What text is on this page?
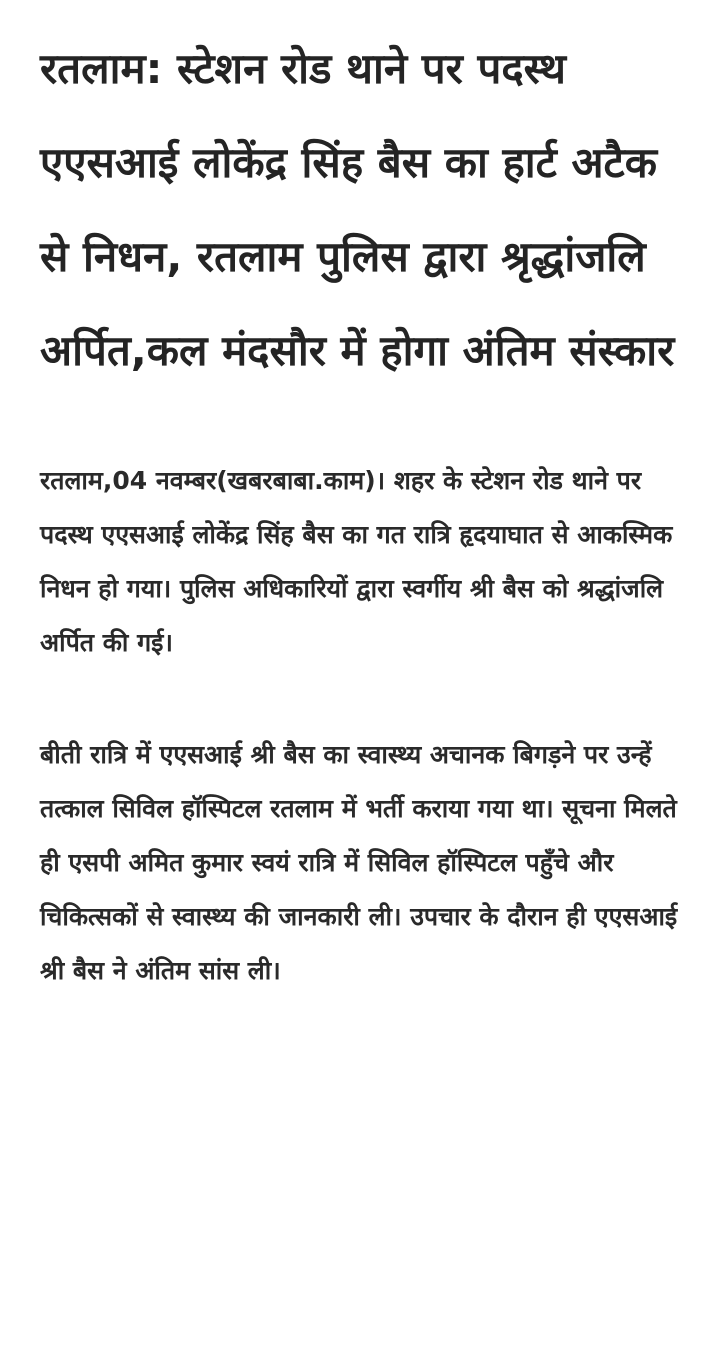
रतलाम: स्टेशन रोड थाने पर पदस्थ एएसआई लोकेंद्र सिंह बैस का हार्ट अटैक से निधन, रतलाम पुलिस द्वारा श्रृद्धांजलि अर्पित,कल मंदसौर में होगा अंतिम संस्कार

रतलाम,04 नवम्बर(खबरबाबा.काम)। शहर के स्टेशन रोड थाने पर पदस्थ एएसआई लोकेंद्र सिंह बैस का गत रात्रि हृदयाघात से आकस्मिक निधन हो गया। पुलिस अधिकारियों द्वारा स्वर्गीय श्री बैस को श्रद्धांजलि अर्पित की गई।

बीती रात्रि में एएसआई श्री बैस का स्वास्थ्य अचानक बिगड़ने पर उन्हें तत्काल सिविल हॉस्पिटल रतलाम में भर्ती कराया गया था। सूचना मिलते ही एसपी अमित कुमार स्वयं रात्रि में सिविल हॉस्पिटल पहुँचे और चिकित्सकों से स्वास्थ्य की जानकारी ली। उपचार के दौरान ही एएसआई श्री बैस ने अंतिम सांस ली।
